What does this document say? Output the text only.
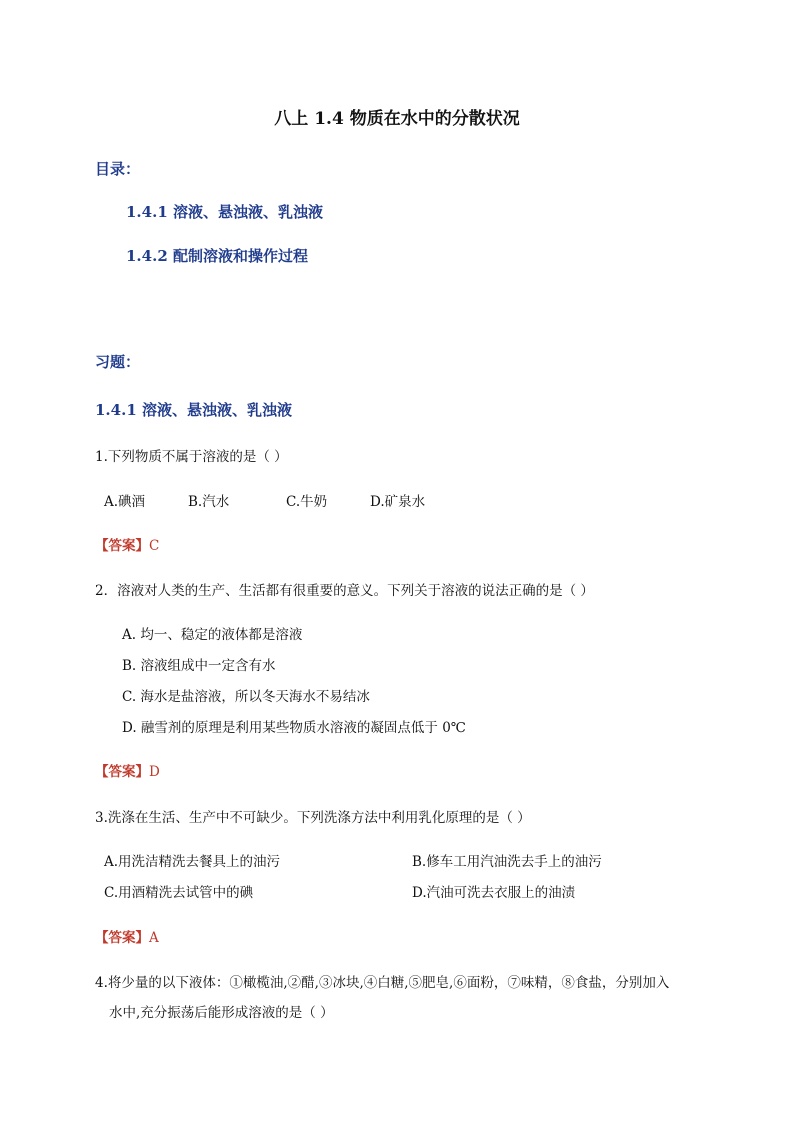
八上 1.4 物质在水中的分散状况
目录：
1.4.1 溶液、悬浊液、乳浊液
1.4.2 配制溶液和操作过程
习题：
1.4.1 溶液、悬浊液、乳浊液
1.下列物质不属于溶液的是（ ）
A.碘酒	B.汽水	C.牛奶	D.矿泉水
【答案】C
2．溶液对人类的生产、生活都有很重要的意义。下列关于溶液的说法正确的是（ ）
A. 均一、稳定的液体都是溶液
B. 溶液组成中一定含有水
C. 海水是盐溶液，所以冬天海水不易结冰
D. 融雪剂的原理是利用某些物质水溶液的凝固点低于 0℃
【答案】D
3.洗涤在生活、生产中不可缺少。下列洗涤方法中利用乳化原理的是（ ）
A.用洗洁精洗去餐具上的油污	B.修车工用汽油洗去手上的油污
C.用酒精洗去试管中的碘	D.汽油可洗去衣服上的油渍
【答案】A
4.将少量的以下液体：①橄榄油,②醋,③冰块,④白糖,⑤肥皂,⑥面粉，⑦味精，⑧食盐，分别加入
水中,充分振荡后能形成溶液的是（ ）
